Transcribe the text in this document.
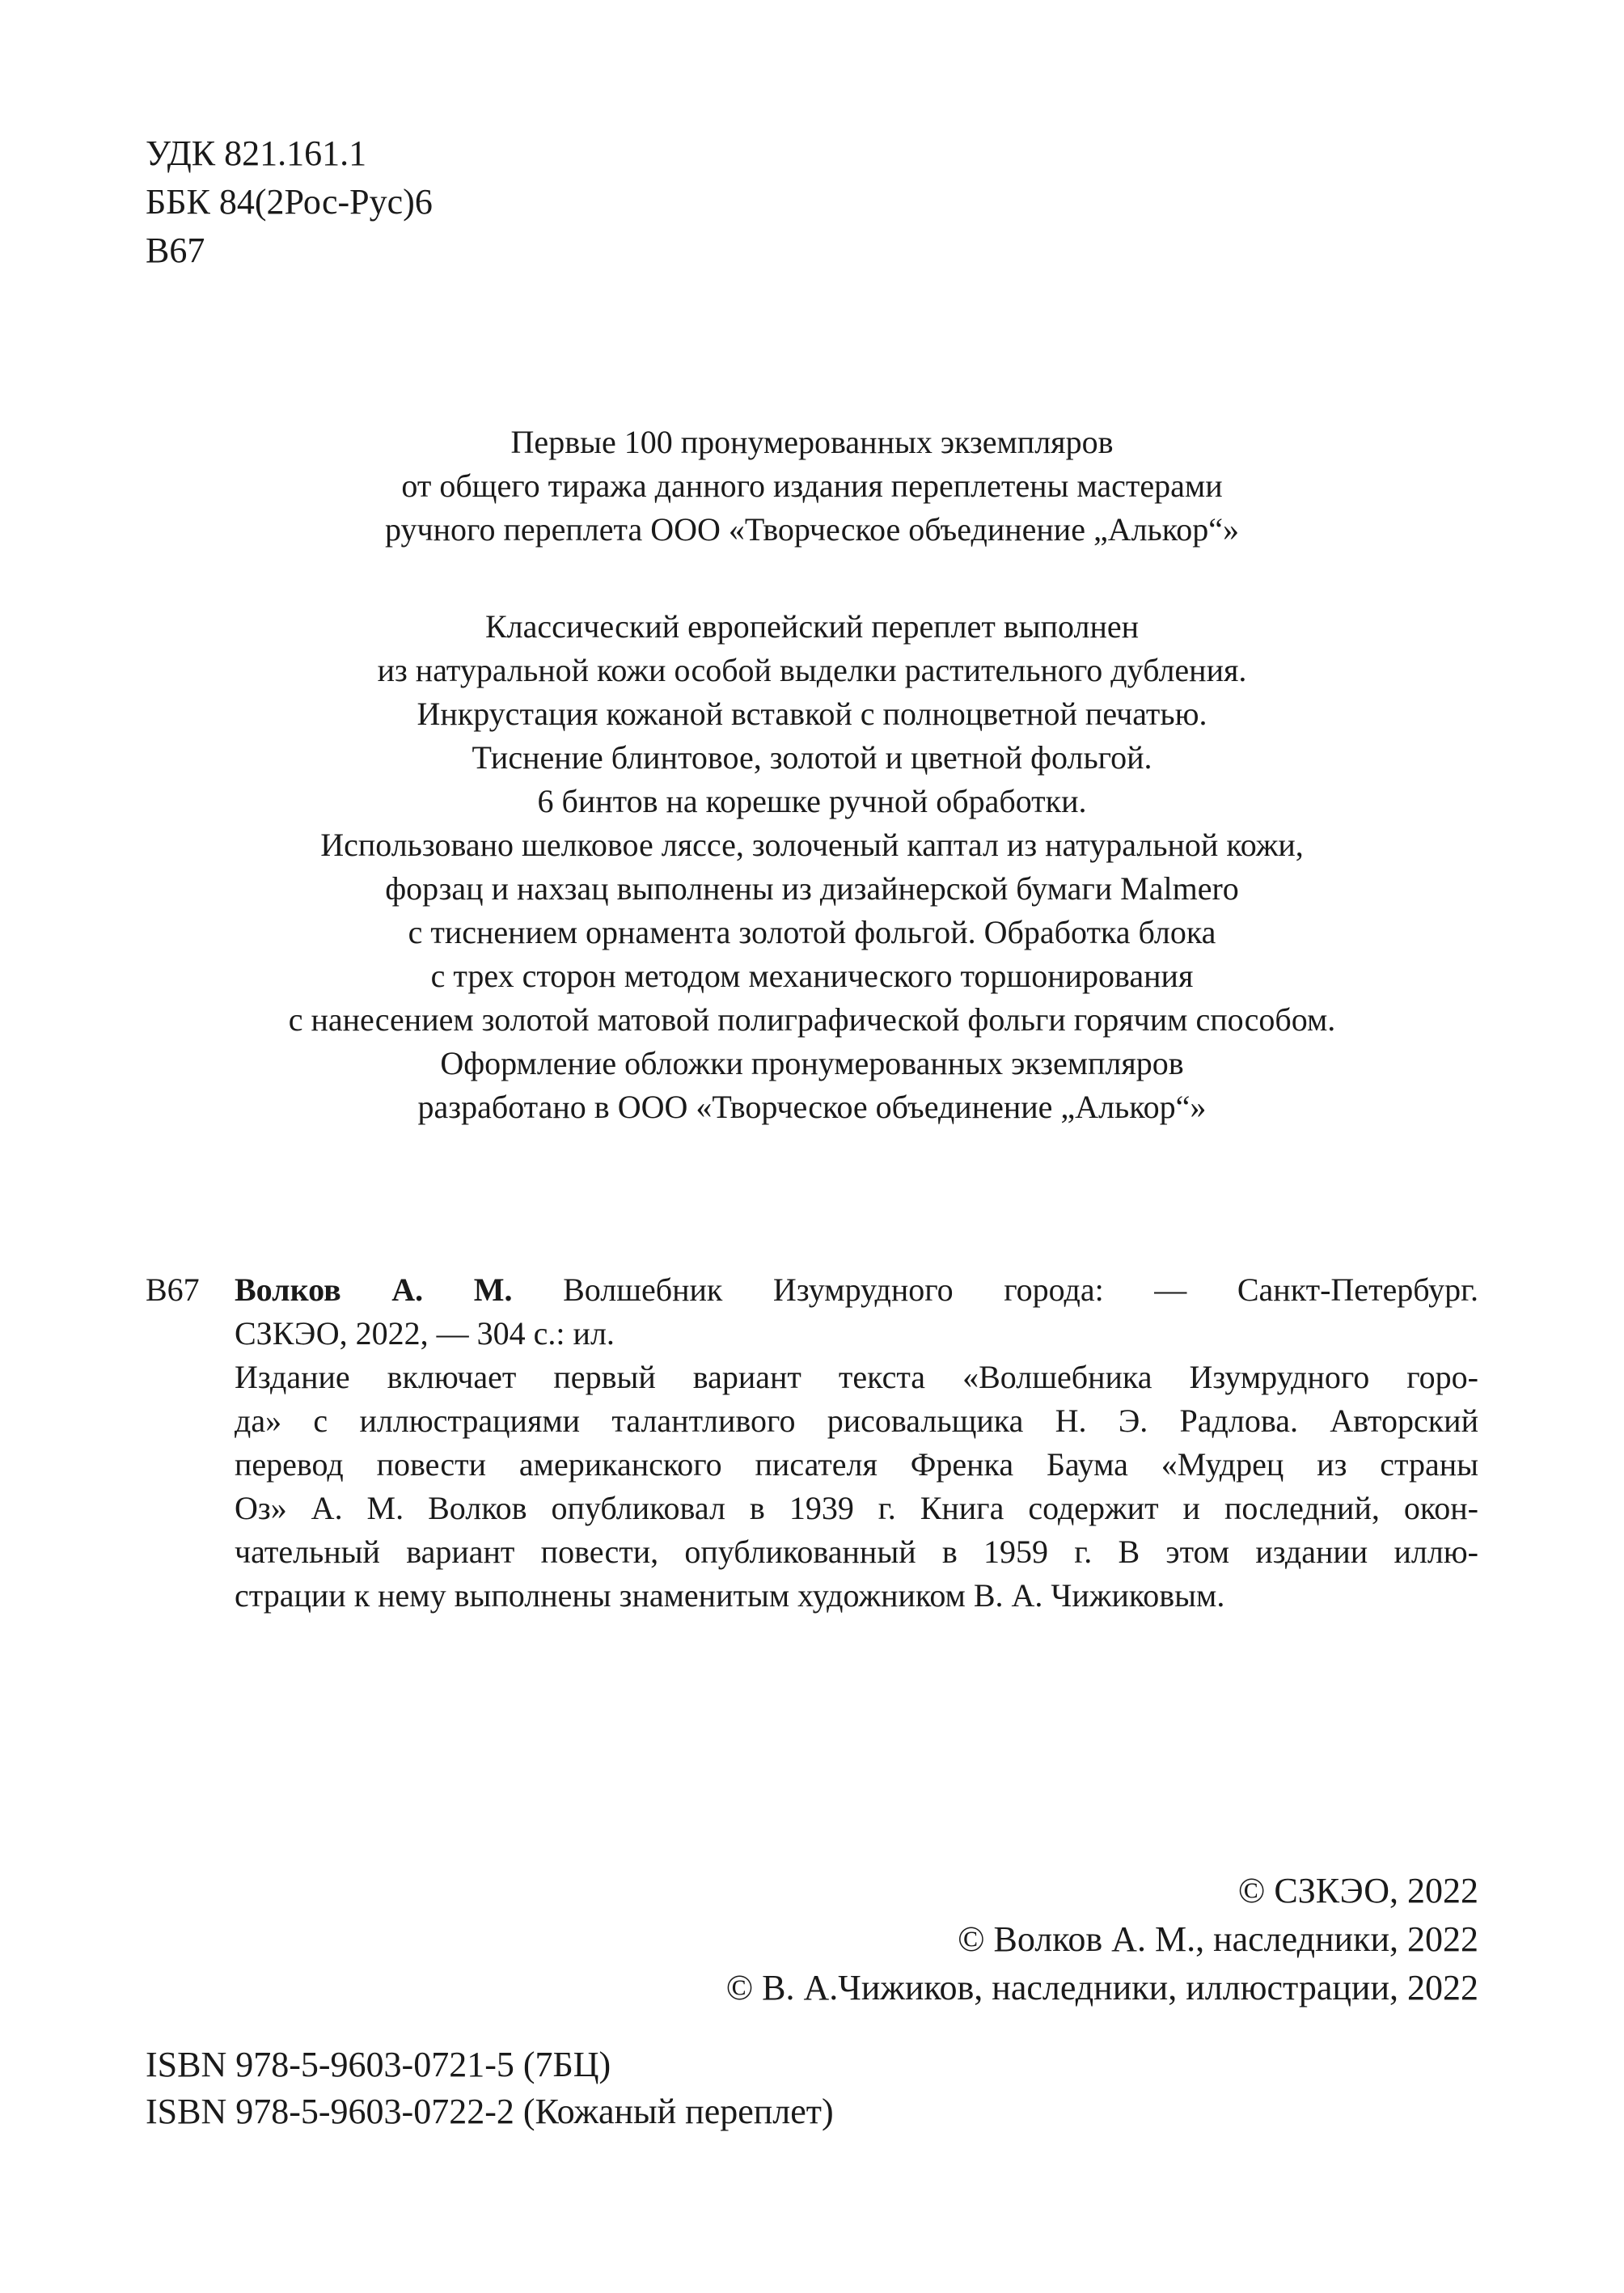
УДК 821.161.1
ББК 84(2Рос-Рус)6
В67
Первые 100 пронумерованных экземпляров
от общего тиража данного издания переплетены мастерами
ручного переплета ООО «Творческое объединение „Алькор“»
Классический европейский переплет выполнен
из натуральной кожи особой выделки растительного дубления.
Инкрустация кожаной вставкой с полноцветной печатью.
Тиснение блинтовое, золотой и цветной фольгой.
6 бинтов на корешке ручной обработки.
Использовано шелковое ляссе, золоченый каптал из натуральной кожи,
форзац и нахзац выполнены из дизайнерской бумаги Malmero
с тиснением орнамента золотой фольгой. Обработка блока
с трех сторон методом механического торшонирования
с нанесением золотой матовой полиграфической фольги горячим способом.
Оформление обложки пронумерованных экземпляров
разработано в ООО «Творческое объединение „Алькор“»
В67 Волков А. М. Волшебник Изумрудного города: — Санкт-Петербург.
СЗКЭО, 2022, — 304 с.: ил.
Издание включает первый вариант текста «Волшебника Изумрудного горо-
да» с иллюстрациями талантливого рисовальщика Н. Э. Радлова. Авторский
перевод повести американского писателя Френка Баума «Мудрец из страны
Оз» А. М. Волков опубликовал в 1939 г. Книга содержит и последний, окон-
чательный вариант повести, опубликованный в 1959 г. В этом издании иллю-
страции к нему выполнены знаменитым художником В. А. Чижиковым.
© СЗКЭО, 2022
© Волков А. М., наследники, 2022
© В. А.Чижиков, наследники, иллюстрации, 2022
ISBN 978-5-9603-0721-5 (7БЦ)
ISBN 978-5-9603-0722-2 (Кожаный переплет)
